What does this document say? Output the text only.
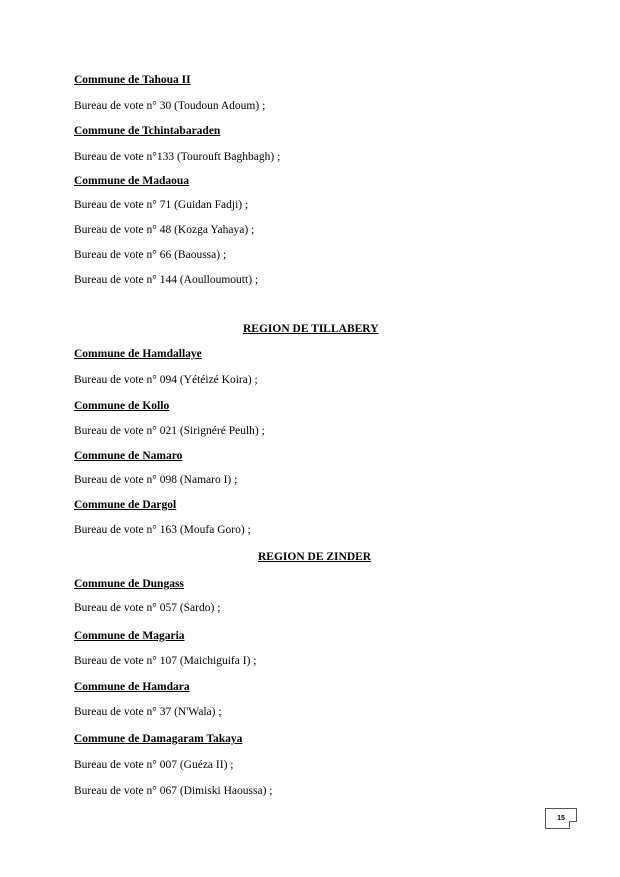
Commune de Tahoua II
Bureau de vote n° 30 (Toudoun Adoum) ;
Commune de Tchintabaraden
Bureau de vote n°133 (Tourouft Baghbagh) ;
Commune de Madaoua
Bureau de vote n° 71 (Guidan Fadji) ;
Bureau de vote n° 48 (Kozga Yahaya) ;
Bureau de vote n° 66 (Baoussa) ;
Bureau de vote n° 144 (Aoulloumoutt) ;
REGION DE TILLABERY
Commune de Hamdallaye
Bureau de vote n° 094 (Yétéizé Koira) ;
Commune de Kollo
Bureau de vote n° 021 (Sirignéré Peulh) ;
Commune de Namaro
Bureau de vote n° 098 (Namaro I) ;
Commune de Dargol
Bureau de vote n° 163 (Moufa Goro) ;
REGION DE ZINDER
Commune de Dungass
Bureau de vote n° 057 (Sardo) ;
Commune de Magaria
Bureau de vote n° 107 (Maichiguifa I) ;
Commune de Hamdara
Bureau de vote n° 37 (N'Wala) ;
Commune de Damagaram Takaya
Bureau de vote n° 007 (Guéza II) ;
Bureau de vote n° 067 (Dimiski Haoussa) ;
15
